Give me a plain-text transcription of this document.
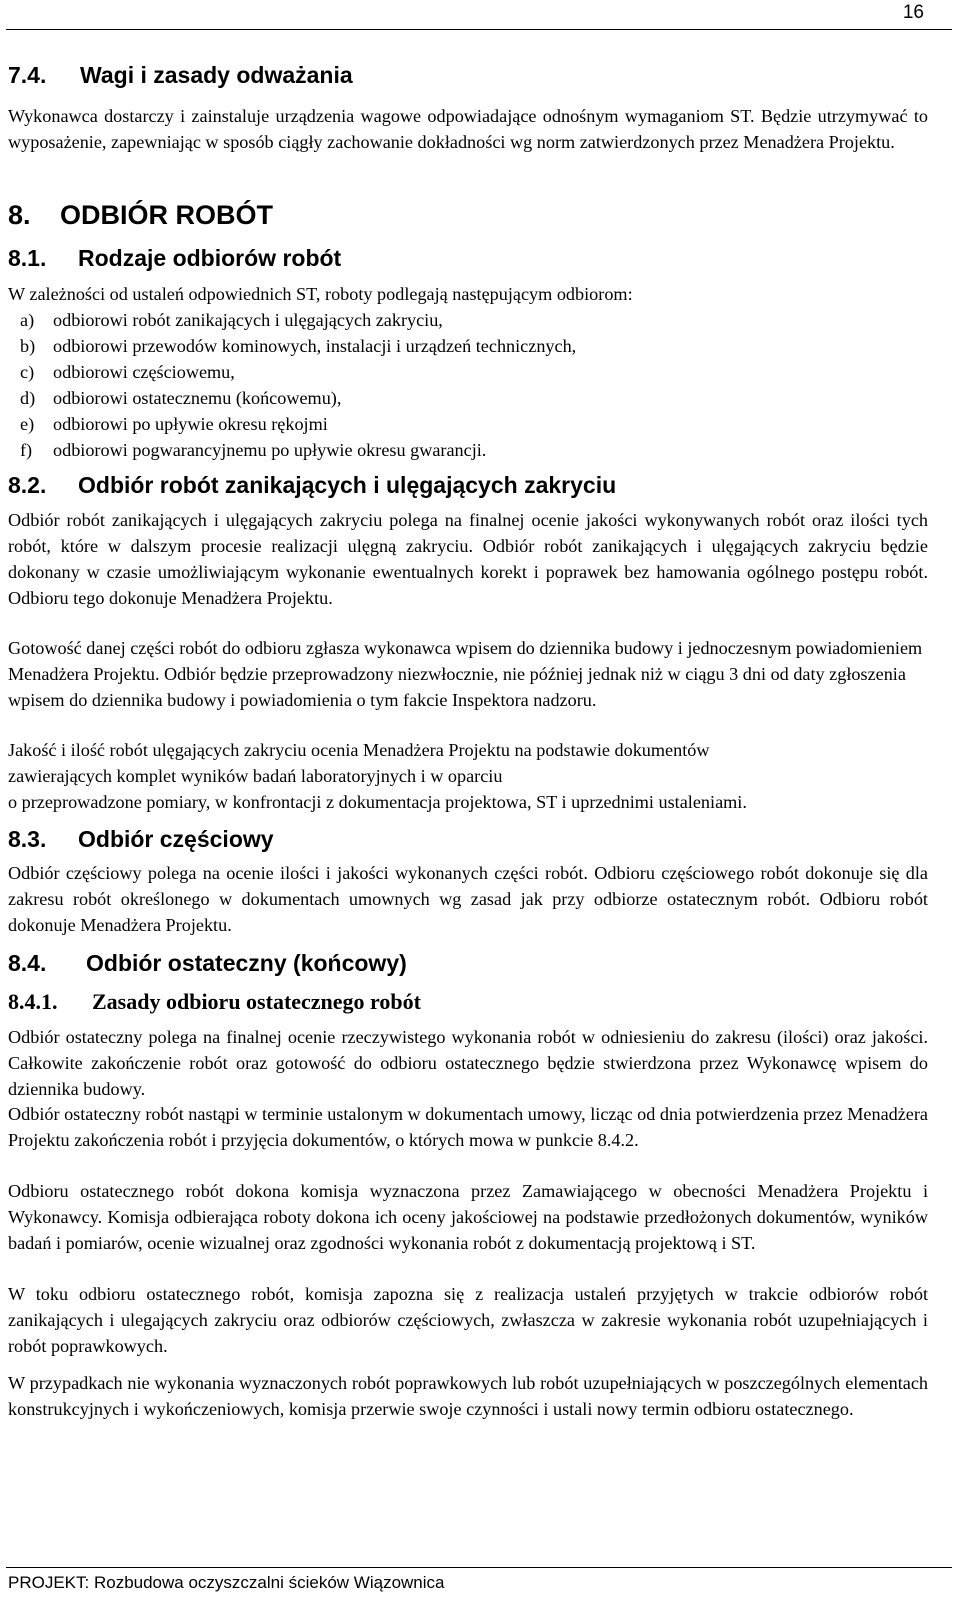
16
7.4. Wagi i zasady odważania
Wykonawca dostarczy i zainstaluje urządzenia wagowe odpowiadające odnośnym wymaganiom ST. Będzie utrzymywać to wyposażenie, zapewniając w sposób ciągły zachowanie dokładności wg norm zatwierdzonych przez Menadżera Projektu.
8. ODBIÓR ROBÓT
8.1. Rodzaje odbiorów robót
W zależności od ustaleń odpowiednich ST, roboty podlegają następującym odbiorom:
a) odbiorowi robót zanikających i ulęgających zakryciu,
b) odbiorowi przewodów kominowych, instalacji i urządzeń technicznych,
c) odbiorowi częściowemu,
d) odbiorowi ostatecznemu (końcowemu),
e) odbiorowi po upływie okresu rękojmi
f) odbiorowi pogwarancyjnemu po upływie okresu gwarancji.
8.2. Odbiór robót zanikających i ulęgających zakryciu
Odbiór robót zanikających i ulęgających zakryciu polega na finalnej ocenie jakości wykonywanych robót oraz ilości tych robót, które w dalszym procesie realizacji ulęgną zakryciu. Odbiór robót zanikających i ulęgających zakryciu będzie dokonany w czasie umożliwiającym wykonanie ewentualnych korekt i poprawek bez hamowania ogólnego postępu robót. Odbioru tego dokonuje Menadżera Projektu.
Gotowość danej części robót do odbioru zgłasza wykonawca wpisem do dziennika budowy i jednoczesnym powiadomieniem Menadżera Projektu. Odbiór będzie przeprowadzony niezwłocznie, nie później jednak niż w ciągu 3 dni od daty zgłoszenia wpisem do dziennika budowy i powiadomienia o tym fakcie Inspektora nadzoru.
Jakość i ilość robót ulęgających zakryciu ocenia Menadżera Projektu na podstawie dokumentów
zawierających komplet wyników badań laboratoryjnych i w oparciu
o przeprowadzone pomiary, w konfrontacji z dokumentacja projektowa, ST i uprzednimi ustaleniami.
8.3. Odbiór częściowy
Odbiór częściowy polega na ocenie ilości i jakości wykonanych części robót. Odbioru częściowego robót dokonuje się dla zakresu robót określonego w dokumentach umownych wg zasad jak przy odbiorze ostatecznym robót. Odbioru robót dokonuje Menadżera Projektu.
8.4. Odbiór ostateczny (końcowy)
8.4.1. Zasady odbioru ostatecznego robót
Odbiór ostateczny polega na finalnej ocenie rzeczywistego wykonania robót w odniesieniu do zakresu (ilości) oraz jakości. Całkowite zakończenie robót oraz gotowość do odbioru ostatecznego będzie stwierdzona przez Wykonawcę wpisem do dziennika budowy.
Odbiór ostateczny robót nastąpi w terminie ustalonym w dokumentach umowy, licząc od dnia potwierdzenia przez Menadżera Projektu zakończenia robót i przyjęcia dokumentów, o których mowa w punkcie 8.4.2.
Odbioru ostatecznego robót dokona komisja wyznaczona przez Zamawiającego w obecności Menadżera Projektu i Wykonawcy. Komisja odbierająca roboty dokona ich oceny jakościowej na podstawie przedłożonych dokumentów, wyników badań i pomiarów, ocenie wizualnej oraz zgodności wykonania robót z dokumentacją projektową i ST.
W toku odbioru ostatecznego robót, komisja zapozna się z realizacja ustaleń przyjętych w trakcie odbiorów robót zanikających i ulegających zakryciu oraz odbiorów częściowych, zwłaszcza w zakresie wykonania robót uzupełniających i robót poprawkowych.
W przypadkach nie wykonania wyznaczonych robót poprawkowych lub robót uzupełniających w poszczególnych elementach konstrukcyjnych i wykończeniowych, komisja przerwie swoje czynności i ustali nowy termin odbioru ostatecznego.
PROJEKT: Rozbudowa oczyszczalni ścieków Wiązownica
